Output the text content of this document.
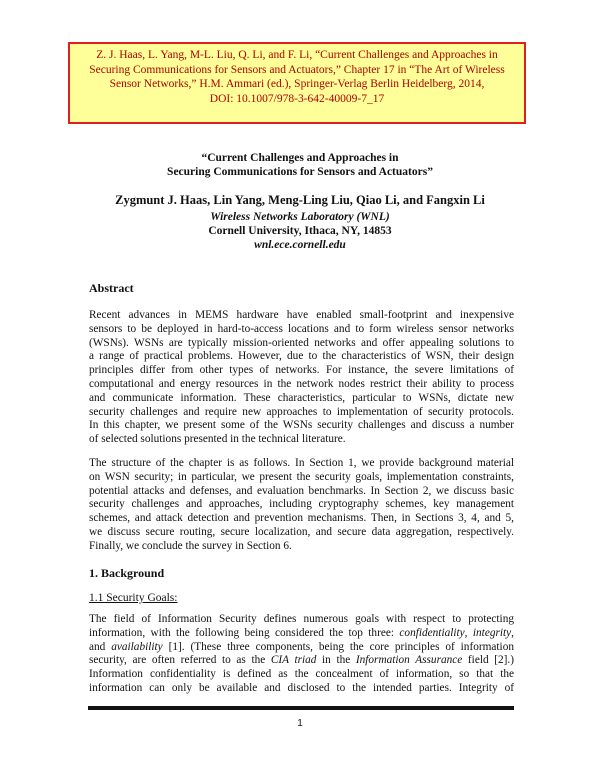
Z. J. Haas, L. Yang, M-L. Liu, Q. Li, and F. Li, “Current Challenges and Approaches in
Securing Communications for Sensors and Actuators,” Chapter 17 in “The Art of Wireless
Sensor Networks,” H.M. Ammari (ed.), Springer-Verlag Berlin Heidelberg, 2014,
DOI: 10.1007/978-3-642-40009-7_17
“Current Challenges and Approaches in
Securing Communications for Sensors and Actuators”
Zygmunt J. Haas, Lin Yang, Meng-Ling Liu, Qiao Li, and Fangxin Li
Wireless Networks Laboratory (WNL)
Cornell University, Ithaca, NY, 14853
wnl.ece.cornell.edu
Abstract
Recent advances in MEMS hardware have enabled small-footprint and inexpensive
sensors to be deployed in hard-to-access locations and to form wireless sensor networks
(WSNs). WSNs are typically mission-oriented networks and offer appealing solutions to
a range of practical problems. However, due to the characteristics of WSN, their design
principles differ from other types of networks. For instance, the severe limitations of
computational and energy resources in the network nodes restrict their ability to process
and communicate information. These characteristics, particular to WSNs, dictate new
security challenges and require new approaches to implementation of security protocols.
In this chapter, we present some of the WSNs security challenges and discuss a number
of selected solutions presented in the technical literature.
The structure of the chapter is as follows. In Section 1, we provide background material
on WSN security; in particular, we present the security goals, implementation constraints,
potential attacks and defenses, and evaluation benchmarks. In Section 2, we discuss basic
security challenges and approaches, including cryptography schemes, key management
schemes, and attack detection and prevention mechanisms. Then, in Sections 3, 4, and 5,
we discuss secure routing, secure localization, and secure data aggregation, respectively.
Finally, we conclude the survey in Section 6.
1. Background
1.1 Security Goals:
The field of Information Security defines numerous goals with respect to protecting
information, with the following being considered the top three: confidentiality, integrity,
and availability [1]. (These three components, being the core principles of information
security, are often referred to as the CIA triad in the Information Assurance field [2].)
Information confidentiality is defined as the concealment of information, so that the
information can only be available and disclosed to the intended parties. Integrity of
1
